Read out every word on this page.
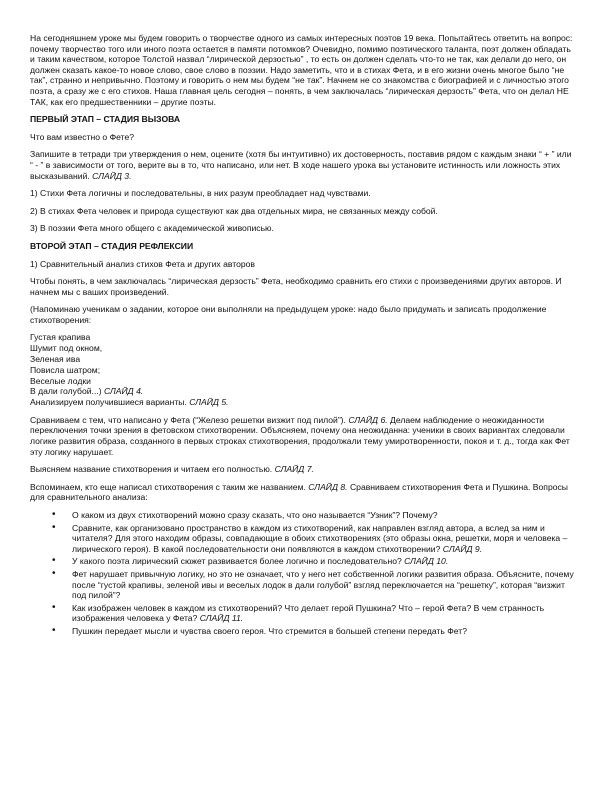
На сегодняшнем уроке мы будем говорить о творчестве одного из самых интересных поэтов 19 века. Попытайтесь ответить на вопрос: почему творчество того или иного поэта остается в памяти потомков? Очевидно, помимо поэтического таланта, поэт должен обладать и таким качеством, которое Толстой назвал “лирической дерзостью” , то есть он должен сделать что-то не так, как делали до него, он должен сказать какое-то новое слово, свое слово в поэзии. Надо заметить, что и в стихах Фета, и в его жизни очень многое было “не так”, странно и непривычно. Поэтому и говорить о нем мы будем “не так”. Начнем не со знакомства с биографией и с личностью этого поэта, а сразу же с его стихов. Наша главная цель сегодня – понять, в чем заключалась “лирическая дерзость” Фета, что он делал НЕ ТАК, как его предшественники – другие поэты.

ПЕРВЫЙ ЭТАП – СТАДИЯ ВЫЗОВА

Что вам известно о Фете?

Запишите в тетради три утверждения о нем, оцените (хотя бы интуитивно) их достоверность, поставив рядом с каждым знаки “ + ” или “ - ” в зависимости от того, верите вы в то, что написано, или нет. В ходе нашего урока вы установите истинность или ложность этих высказываний. СЛАЙД 3.

1) Стихи Фета логичны и последовательны, в них разум преобладает над чувствами.

2) В стихах Фета человек и природа существуют как два отдельных мира, не связанных между собой.

3) В поэзии Фета много общего с академической живописью.

ВТОРОЙ ЭТАП – СТАДИЯ РЕФЛЕКСИИ

1) Сравнительный анализ стихов Фета и других авторов

Чтобы понять, в чем заключалась “лирическая дерзость” Фета, необходимо сравнить его стихи с произведениями других авторов. И начнем мы с ваших произведений.

(Напоминаю ученикам о задании, которое они выполняли на предыдущем уроке: надо было придумать и записать продолжение стихотворения:

Густая крапива
Шумит под окном,
Зеленая ива
Повисла шатром;
Веселые лодки
В дали голубой...) СЛАЙД 4.

Анализируем получившиеся варианты. СЛАЙД 5.

Сравниваем с тем, что написано у Фета (“Железо решетки визжит под пилой”). СЛАЙД 6. Делаем наблюдение о неожиданности переключения точки зрения в фетовском стихотворении. Объясняем, почему она неожиданна: ученики в своих вариантах следовали логике развития образа, созданного в первых строках стихотворения, продолжали тему умиротворенности, покоя и т. д., тогда как Фет эту логику нарушает.

Выясняем название стихотворения и читаем его полностью. СЛАЙД 7.

Вспоминаем, кто еще написал стихотворения с таким же названием. СЛАЙД 8. Сравниваем стихотворения Фета и Пушкина. Вопросы для сравнительного анализа:

• О каком из двух стихотворений можно сразу сказать, что оно называется “Узник”? Почему?
• Сравните, как организовано пространство в каждом из стихотворений, как направлен взгляд автора, а вслед за ним и читателя? Для этого находим образы, совпадающие в обоих стихотворениях (это образы окна, решетки, моря и человека – лирического героя). В какой последовательности они появляются в каждом стихотворении? СЛАЙД 9.
• У какого поэта лирический сюжет развивается более логично и последовательно? СЛАЙД 10.
• Фет нарушает привычную логику, но это не означает, что у него нет собственной логики развития образа. Объясните, почему после “густой крапивы, зеленой ивы и веселых лодок в дали голубой” взгляд переключается на “решетку”, которая “визжит под пилой”?
• Как изображен человек в каждом из стихотворений? Что делает герой Пушкина? Что – герой Фета? В чем странность изображения человека у Фета? СЛАЙД 11.
• Пушкин передает мысли и чувства своего героя. Что стремится в большей степени передать Фет?
